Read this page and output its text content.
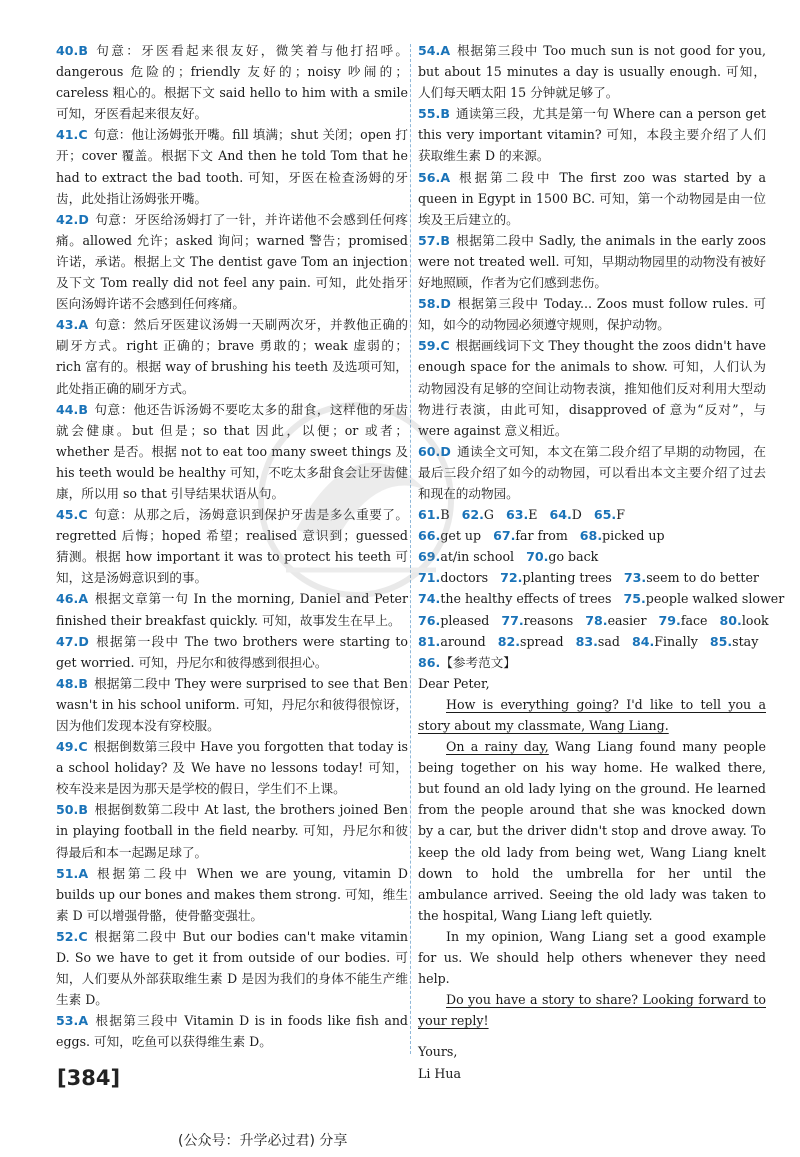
40.B 句意：牙医看起来很友好，微笑着与他打招呼。dangerous 危险的；friendly 友好的；noisy 吵闹的；careless 粗心的。根据下文 said hello to him with a smile 可知，牙医看起来很友好。

41.C 句意：他让汤姆张开嘴。fill 填满；shut 关闭；open 打开；cover 覆盖。根据下文 And then he told Tom that he had to extract the bad tooth. 可知，牙医在检查汤姆的牙齿，此处指让汤姆张开嘴。

42.D 句意：牙医给汤姆打了一针，并许诺他不会感到任何疼痛。allowed 允许；asked 询问；warned 警告；promised 许诺，承诺。根据上文 The dentist gave Tom an injection 及下文 Tom really did not feel any pain. 可知，此处指牙医向汤姆许诺不会感到任何疼痛。

43.A 句意：然后牙医建议汤姆一天刷两次牙，并教他正确的刷牙方式。right 正确的；brave 勇敢的；weak 虚弱的；rich 富有的。根据 way of brushing his teeth 及选项可知，此处指正确的刷牙方式。

44.B 句意：他还告诉汤姆不要吃太多的甜食，这样他的牙齿就会健康。but 但是；so that 因此，以便；or 或者；whether 是否。根据 not to eat too many sweet things 及 his teeth would be healthy 可知，不吃太多甜食会让牙齿健康，所以用 so that 引导结果状语从句。

45.C 句意：从那之后，汤姆意识到保护牙齿是多么重要了。regretted 后悔；hoped 希望；realised 意识到；guessed 猜测。根据 how important it was to protect his teeth 可知，这是汤姆意识到的事。

46.A 根据文章第一句 In the morning, Daniel and Peter finished their breakfast quickly. 可知，故事发生在早上。

47.D 根据第一段中 The two brothers were starting to get worried. 可知，丹尼尔和彼得感到很担心。

48.B 根据第二段中 They were surprised to see that Ben wasn't in his school uniform. 可知，丹尼尔和彼得很惊讶，因为他们发现本没有穿校服。

49.C 根据倒数第三段中 Have you forgotten that today is a school holiday? 及 We have no lessons today! 可知，校车没来是因为那天是学校的假日，学生们不上课。

50.B 根据倒数第二段中 At last, the brothers joined Ben in playing football in the field nearby. 可知，丹尼尔和彼得最后和本一起踢足球了。

51.A 根据第二段中 When we are young, vitamin D builds up our bones and makes them strong. 可知，维生素 D 可以增强骨骼，使骨骼变强壮。

52.C 根据第二段中 But our bodies can't make vitamin D. So we have to get it from outside of our bodies. 可知，人们要从外部获取维生素 D 是因为我们的身体不能生产维生素 D。

53.A 根据第三段中 Vitamin D is in foods like fish and eggs. 可知，吃鱼可以获得维生素 D。

54.A 根据第三段中 Too much sun is not good for you, but about 15 minutes a day is usually enough. 可知，人们每天晒太阳 15 分钟就足够了。

55.B 通读第三段，尤其是第一句 Where can a person get this very important vitamin? 可知，本段主要介绍了人们获取维生素 D 的来源。

56.A 根据第二段中 The first zoo was started by a queen in Egypt in 1500 BC. 可知，第一个动物园是由一位埃及王后建立的。

57.B 根据第二段中 Sadly, the animals in the early zoos were not treated well. 可知，早期动物园里的动物没有被好好地照顾，作者为它们感到悲伤。

58.D 根据第三段中 Today... Zoos must follow rules. 可知，如今的动物园必须遵守规则，保护动物。

59.C 根据画线词下文 They thought the zoos didn't have enough space for the animals to show. 可知，人们认为动物园没有足够的空间让动物表演，推知他们反对利用大型动物进行表演，由此可知，disapproved of 意为“反对”，与 were against 意义相近。

60.D 通读全文可知，本文在第二段介绍了早期的动物园，在最后三段介绍了如今的动物园，可以看出本文主要介绍了过去和现在的动物园。

61.B 62.G 63.E 64.D 65.F

66.get up 67.far from 68.picked up

69.at/in school 70.go back

71.doctors 72.planting trees 73.seem to do better

74.the healthy effects of trees 75.people walked slower

76.pleased 77.reasons 78.easier 79.face 80.look

81.around 82.spread 83.sad 84.Finally 85.stay

86.【参考范文】

Dear Peter,

How is everything going? I'd like to tell you a story about my classmate, Wang Liang.

On a rainy day, Wang Liang found many people being together on his way home. He walked there, but found an old lady lying on the ground. He learned from the people around that she was knocked down by a car, but the driver didn't stop and drove away. To keep the old lady from being wet, Wang Liang knelt down to hold the umbrella for her until the ambulance arrived. Seeing the old lady was taken to the hospital, Wang Liang left quietly.

In my opinion, Wang Liang set a good example for us. We should help others whenever they need help.

Do you have a story to share? Looking forward to your reply!

Yours,

Li Hua

[384]
(公众号：升学必过君) 分享
